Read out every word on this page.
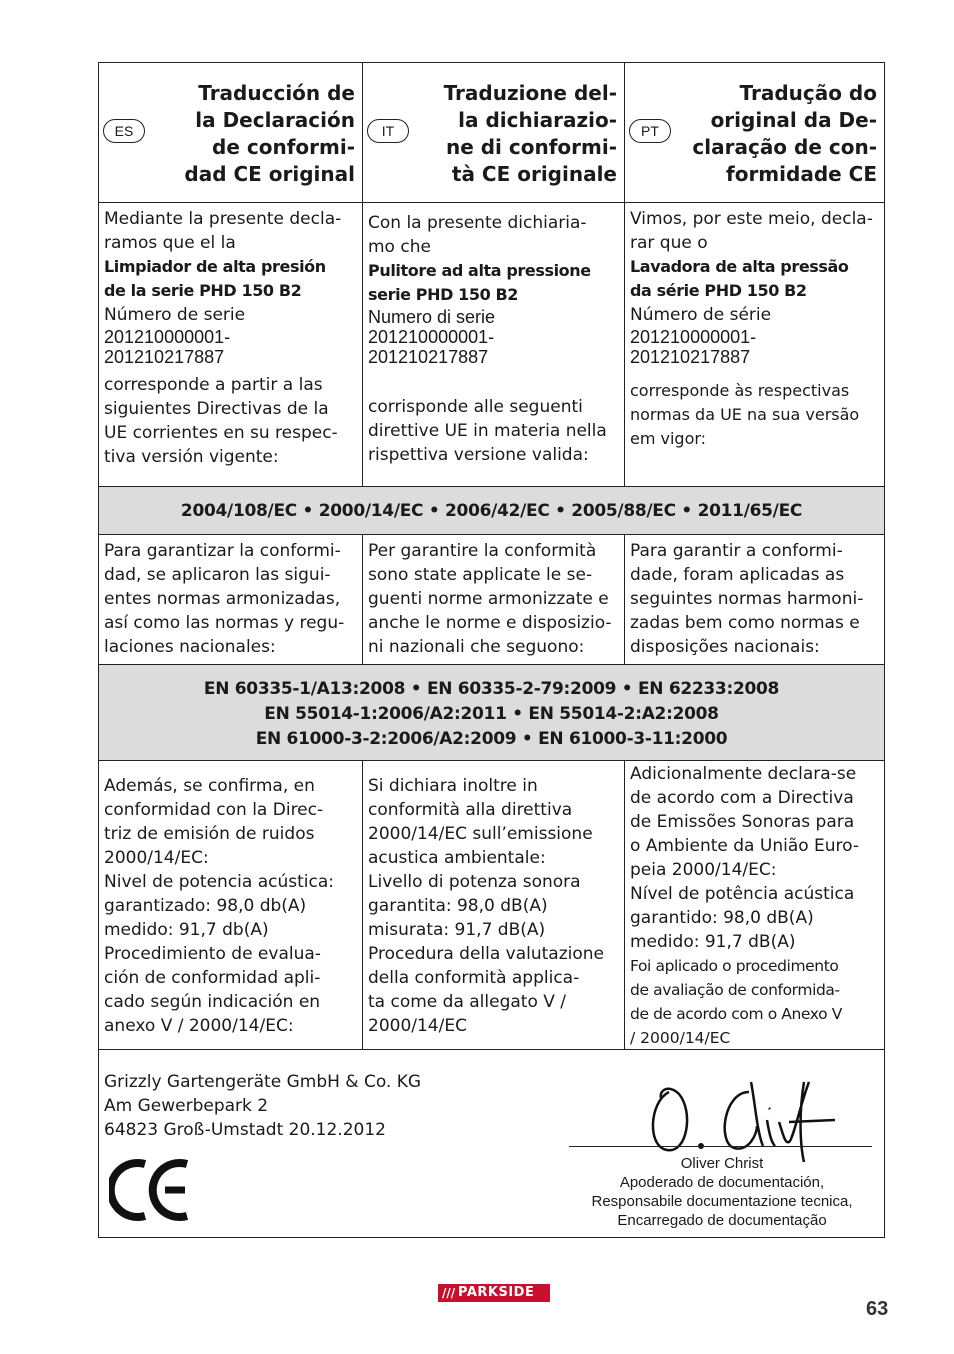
ES
Traducción de
la Declaración
de conformi-
dad CE original
IT
Traduzione del-
la dichiarazio-
ne di conformi-
tà CE originale
PT
Tradução do
original da De-
claração de con-
formidade CE
Mediante la presente decla-
ramos que el la
Limpiador de alta presión
de la serie PHD 150 B2
Número de serie
201210000001-
201210217887
corresponde a partir a las
siguientes Directivas de la
UE corrientes en su respec-
tiva versión vigente:
Con la presente dichiaria-
mo che
Pulitore ad alta pressione
serie PHD 150 B2
Numero di serie
201210000001-
201210217887
corrisponde alle seguenti
direttive UE in materia nella
rispettiva versione valida:
Vimos, por este meio, decla-
rar que o
Lavadora de alta pressão
da série PHD 150 B2
Número de série
201210000001-
201210217887
corresponde às respectivas
normas da UE na sua versão
em vigor:
2004/108/EC • 2000/14/EC • 2006/42/EC • 2005/88/EC • 2011/65/EC
Para garantizar la conformi-
dad, se aplicaron las sigui-
entes normas armonizadas,
así como las normas y regu-
laciones nacionales:
Per garantire la conformità
sono state applicate le se-
guenti norme armonizzate e
anche le norme e disposizio-
ni nazionali che seguono:
Para garantir a conformi-
dade, foram aplicadas as
seguintes normas harmoni-
zadas bem como normas e
disposições nacionais:
EN 60335-1/A13:2008 • EN 60335-2-79:2009 • EN 62233:2008
EN 55014-1:2006/A2:2011 • EN 55014-2:A2:2008
EN 61000-3-2:2006/A2:2009 • EN 61000-3-11:2000
Además, se confirma, en
conformidad con la Direc-
triz de emisión de ruidos
2000/14/EC:
Nivel de potencia acústica:
garantizado: 98,0 db(A)
medido: 91,7 db(A)
Procedimiento de evalua-
ción de conformidad apli-
cado según indicación en
anexo V / 2000/14/EC:
Si dichiara inoltre in
conformità alla direttiva
2000/14/EC sull’emissione
acustica ambientale:
Livello di potenza sonora
garantita: 98,0 dB(A)
misurata: 91,7 dB(A)
Procedura della valutazione
della conformità applica-
ta come da allegato V /
2000/14/EC
Adicionalmente declara-se
de acordo com a Directiva
de Emissões Sonoras para
o Ambiente da União Euro-
peia 2000/14/EC:
Nível de potência acústica
garantido: 98,0 dB(A)
medido: 91,7 dB(A)
Foi aplicado o procedimento
de avaliação de conformida-
de de acordo com o Anexo V
/ 2000/14/EC
Grizzly Gartengeräte GmbH & Co. KG
Am Gewerbepark 2
64823 Groß-Umstadt 20.12.2012
Oliver Christ
Apoderado de documentación,
Responsabile documentazione tecnica,
Encarregado de documentação
/// PARKSIDE
63
